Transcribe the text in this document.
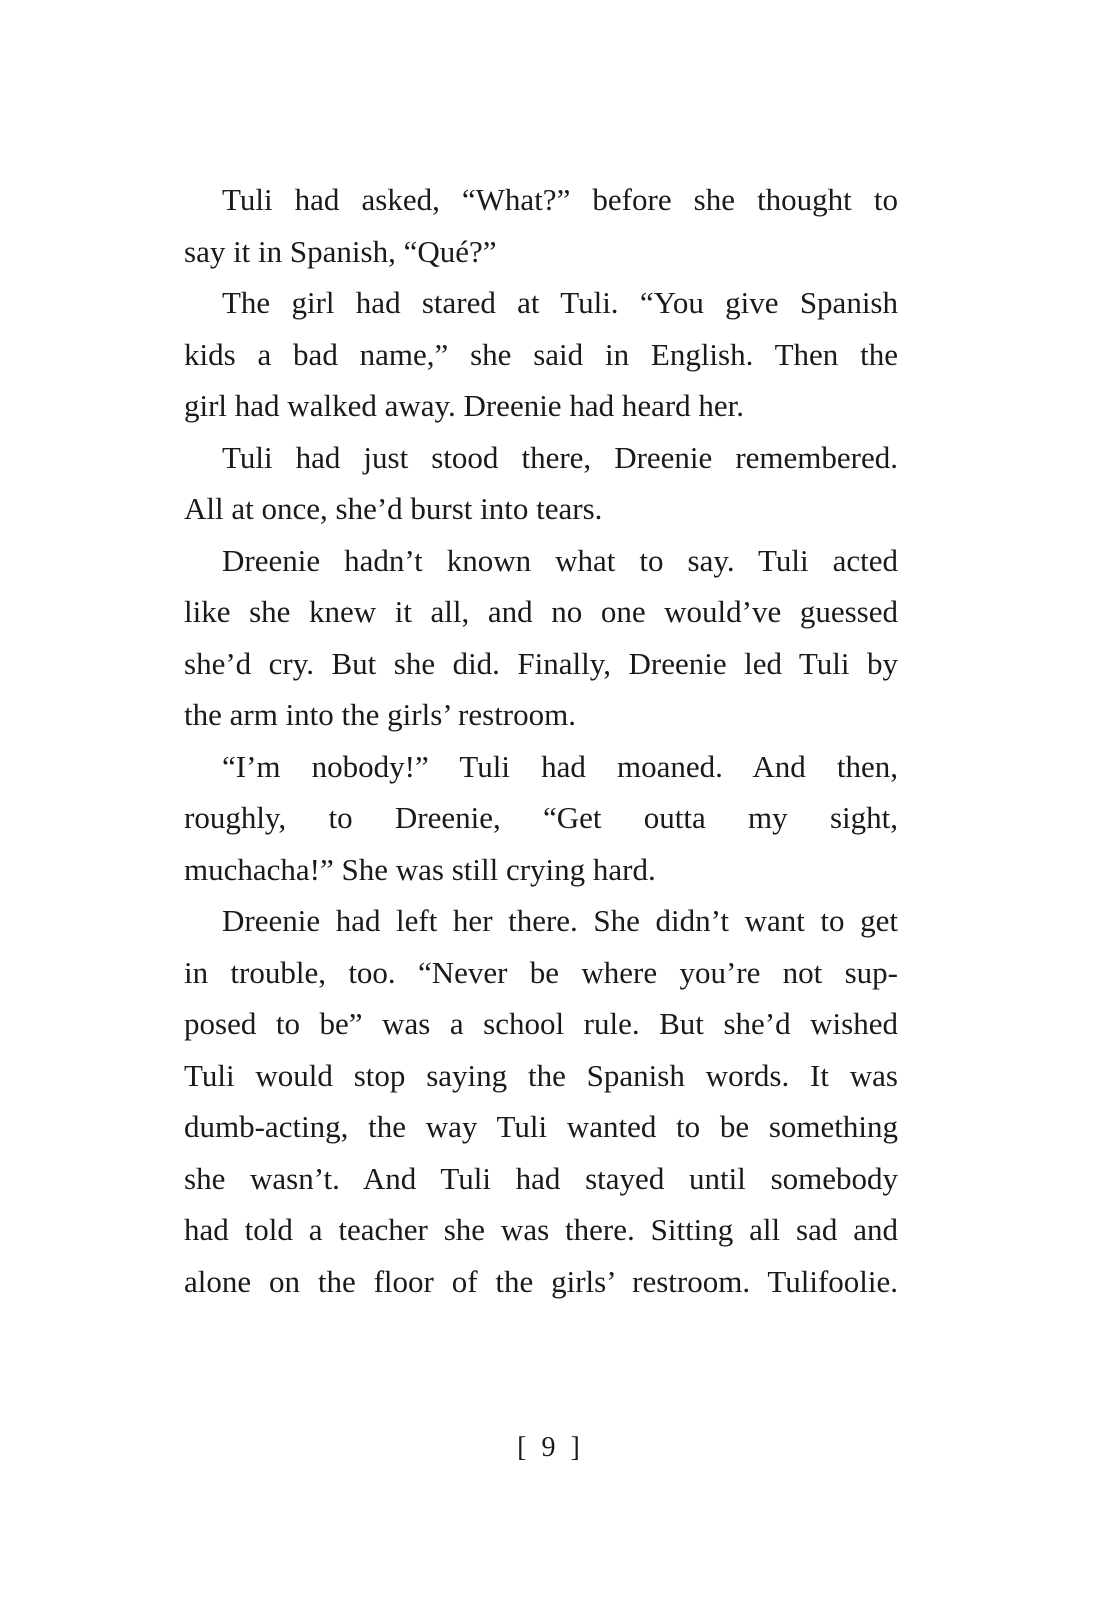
Tuli had asked, “What?” before she thought to
say it in Spanish, “Qué?”
The girl had stared at Tuli. “You give Spanish
kids a bad name,” she said in English. Then the
girl had walked away. Dreenie had heard her.
Tuli had just stood there, Dreenie remembered.
All at once, she’d burst into tears.
Dreenie hadn’t known what to say. Tuli acted
like she knew it all, and no one would’ve guessed
she’d cry. But she did. Finally, Dreenie led Tuli by
the arm into the girls’ restroom.
“I’m nobody!” Tuli had moaned. And then,
roughly, to Dreenie, “Get outta my sight,
muchacha!” She was still crying hard.
Dreenie had left her there. She didn’t want to get
in trouble, too. “Never be where you’re not sup-
posed to be” was a school rule. But she’d wished
Tuli would stop saying the Spanish words. It was
dumb-acting, the way Tuli wanted to be something
she wasn’t. And Tuli had stayed until somebody
had told a teacher she was there. Sitting all sad and
alone on the floor of the girls’ restroom. Tulifoolie.
[ 9 ]
